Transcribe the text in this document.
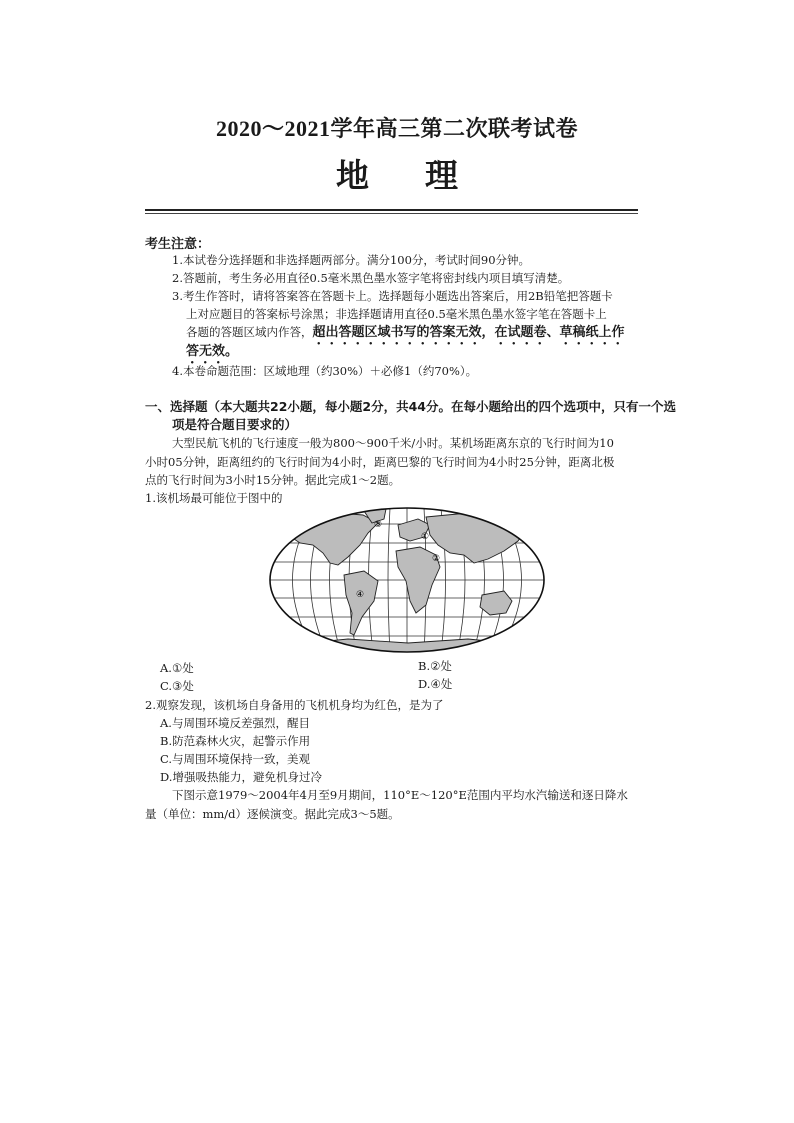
2020～2021学年高三第二次联考试卷
地理
考生注意：
1.本试卷分选择题和非选择题两部分。满分100分，考试时间90分钟。
2.答题前，考生务必用直径0.5毫米黑色墨水签字笔将密封线内项目填写清楚。
3.考生作答时，请将答案答在答题卡上。选择题每小题选出答案后，用2B铅笔把答题卡
上对应题目的答案标号涂黑；非选择题请用直径0.5毫米黑色墨水签字笔在答题卡上
各题的答题区域内作答，超出答题区域书写的答案无效，在试题卷、草稿纸上作
答无效。
4.本卷命题范围：区域地理（约30%）＋必修1（约70%）。
一、选择题（本大题共22小题，每小题2分，共44分。在每小题给出的四个选项中，只有一个选
项是符合题目要求的）
大型民航飞机的飞行速度一般为800～900千米/小时。某机场距离东京的飞行时间为10
小时05分钟，距离纽约的飞行时间为4小时，距离巴黎的飞行时间为4小时25分钟，距离北极
点的飞行时间为3小时15分钟。据此完成1～2题。
1.该机场最可能位于图中的
①
②
③
④
A.①处	B.②处
C.③处	D.④处
2.观察发现，该机场自身备用的飞机机身均为红色，是为了
A.与周围环境反差强烈，醒目
B.防范森林火灾，起警示作用
C.与周围环境保持一致，美观
D.增强吸热能力，避免机身过冷
下图示意1979～2004年4月至9月期间，110°E～120°E范围内平均水汽输送和逐日降水
量（单位：mm/d）逐候演变。据此完成3～5题。
